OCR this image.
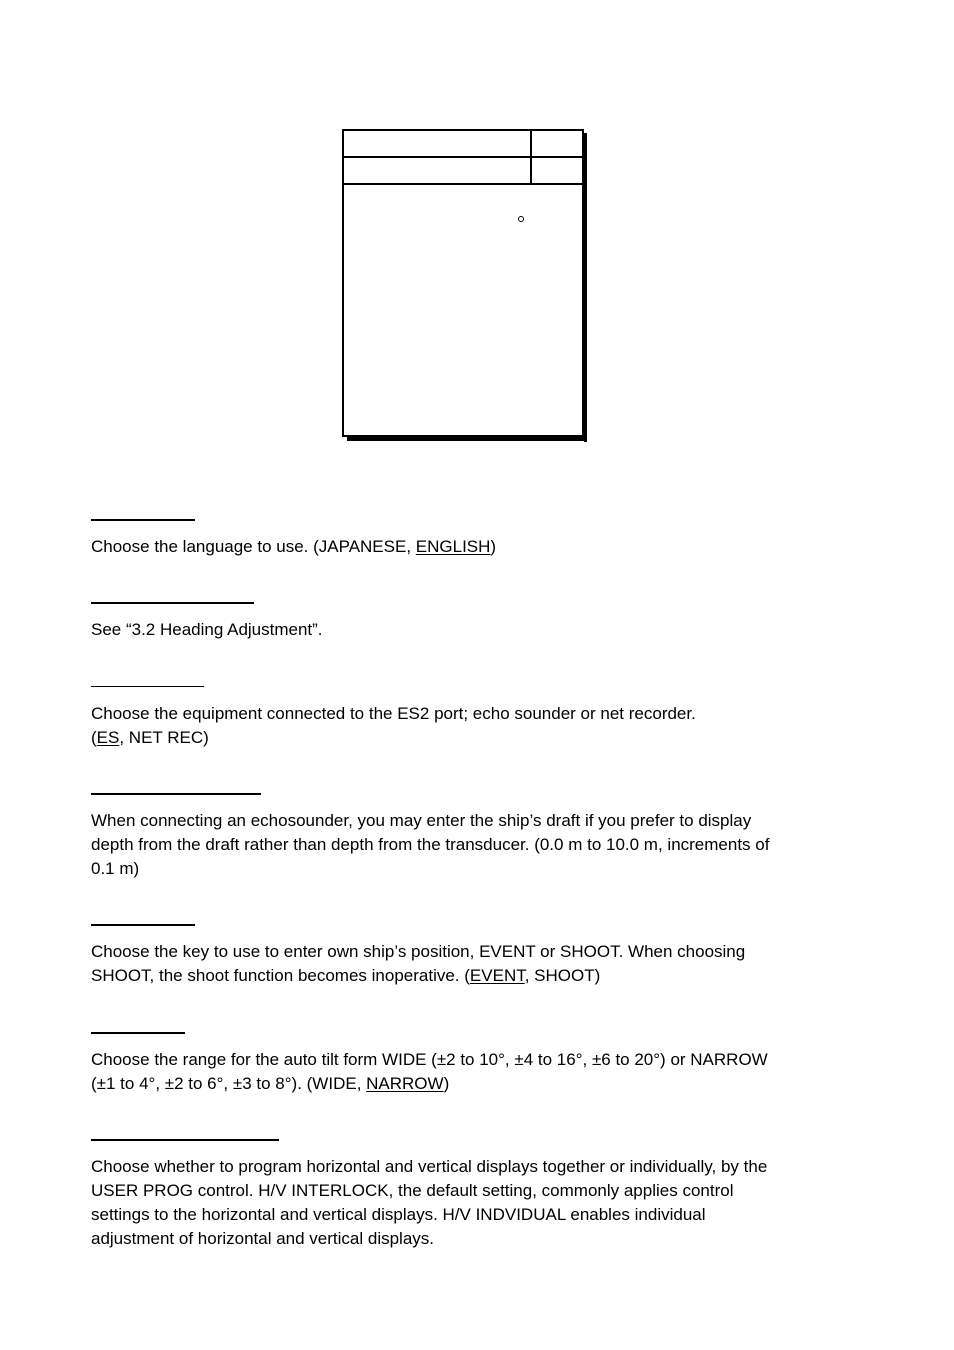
Choose the language to use. (JAPANESE, ENGLISH)

See “3.2 Heading Adjustment”.

Choose the equipment connected to the ES2 port; echo sounder or net recorder.
(ES, NET REC)

When connecting an echosounder, you may enter the ship’s draft if you prefer to display
depth from the draft rather than depth from the transducer. (0.0 m to 10.0 m, increments of
0.1 m)

Choose the key to use to enter own ship’s position, EVENT or SHOOT. When choosing
SHOOT, the shoot function becomes inoperative. (EVENT, SHOOT)

Choose the range for the auto tilt form WIDE (±2 to 10°, ±4 to 16°, ±6 to 20°) or NARROW
(±1 to 4°, ±2 to 6°, ±3 to 8°). (WIDE, NARROW)

Choose whether to program horizontal and vertical displays together or individually, by the
USER PROG control. H/V INTERLOCK, the default setting, commonly applies control
settings to the horizontal and vertical displays. H/V INDVIDUAL enables individual
adjustment of horizontal and vertical displays.
